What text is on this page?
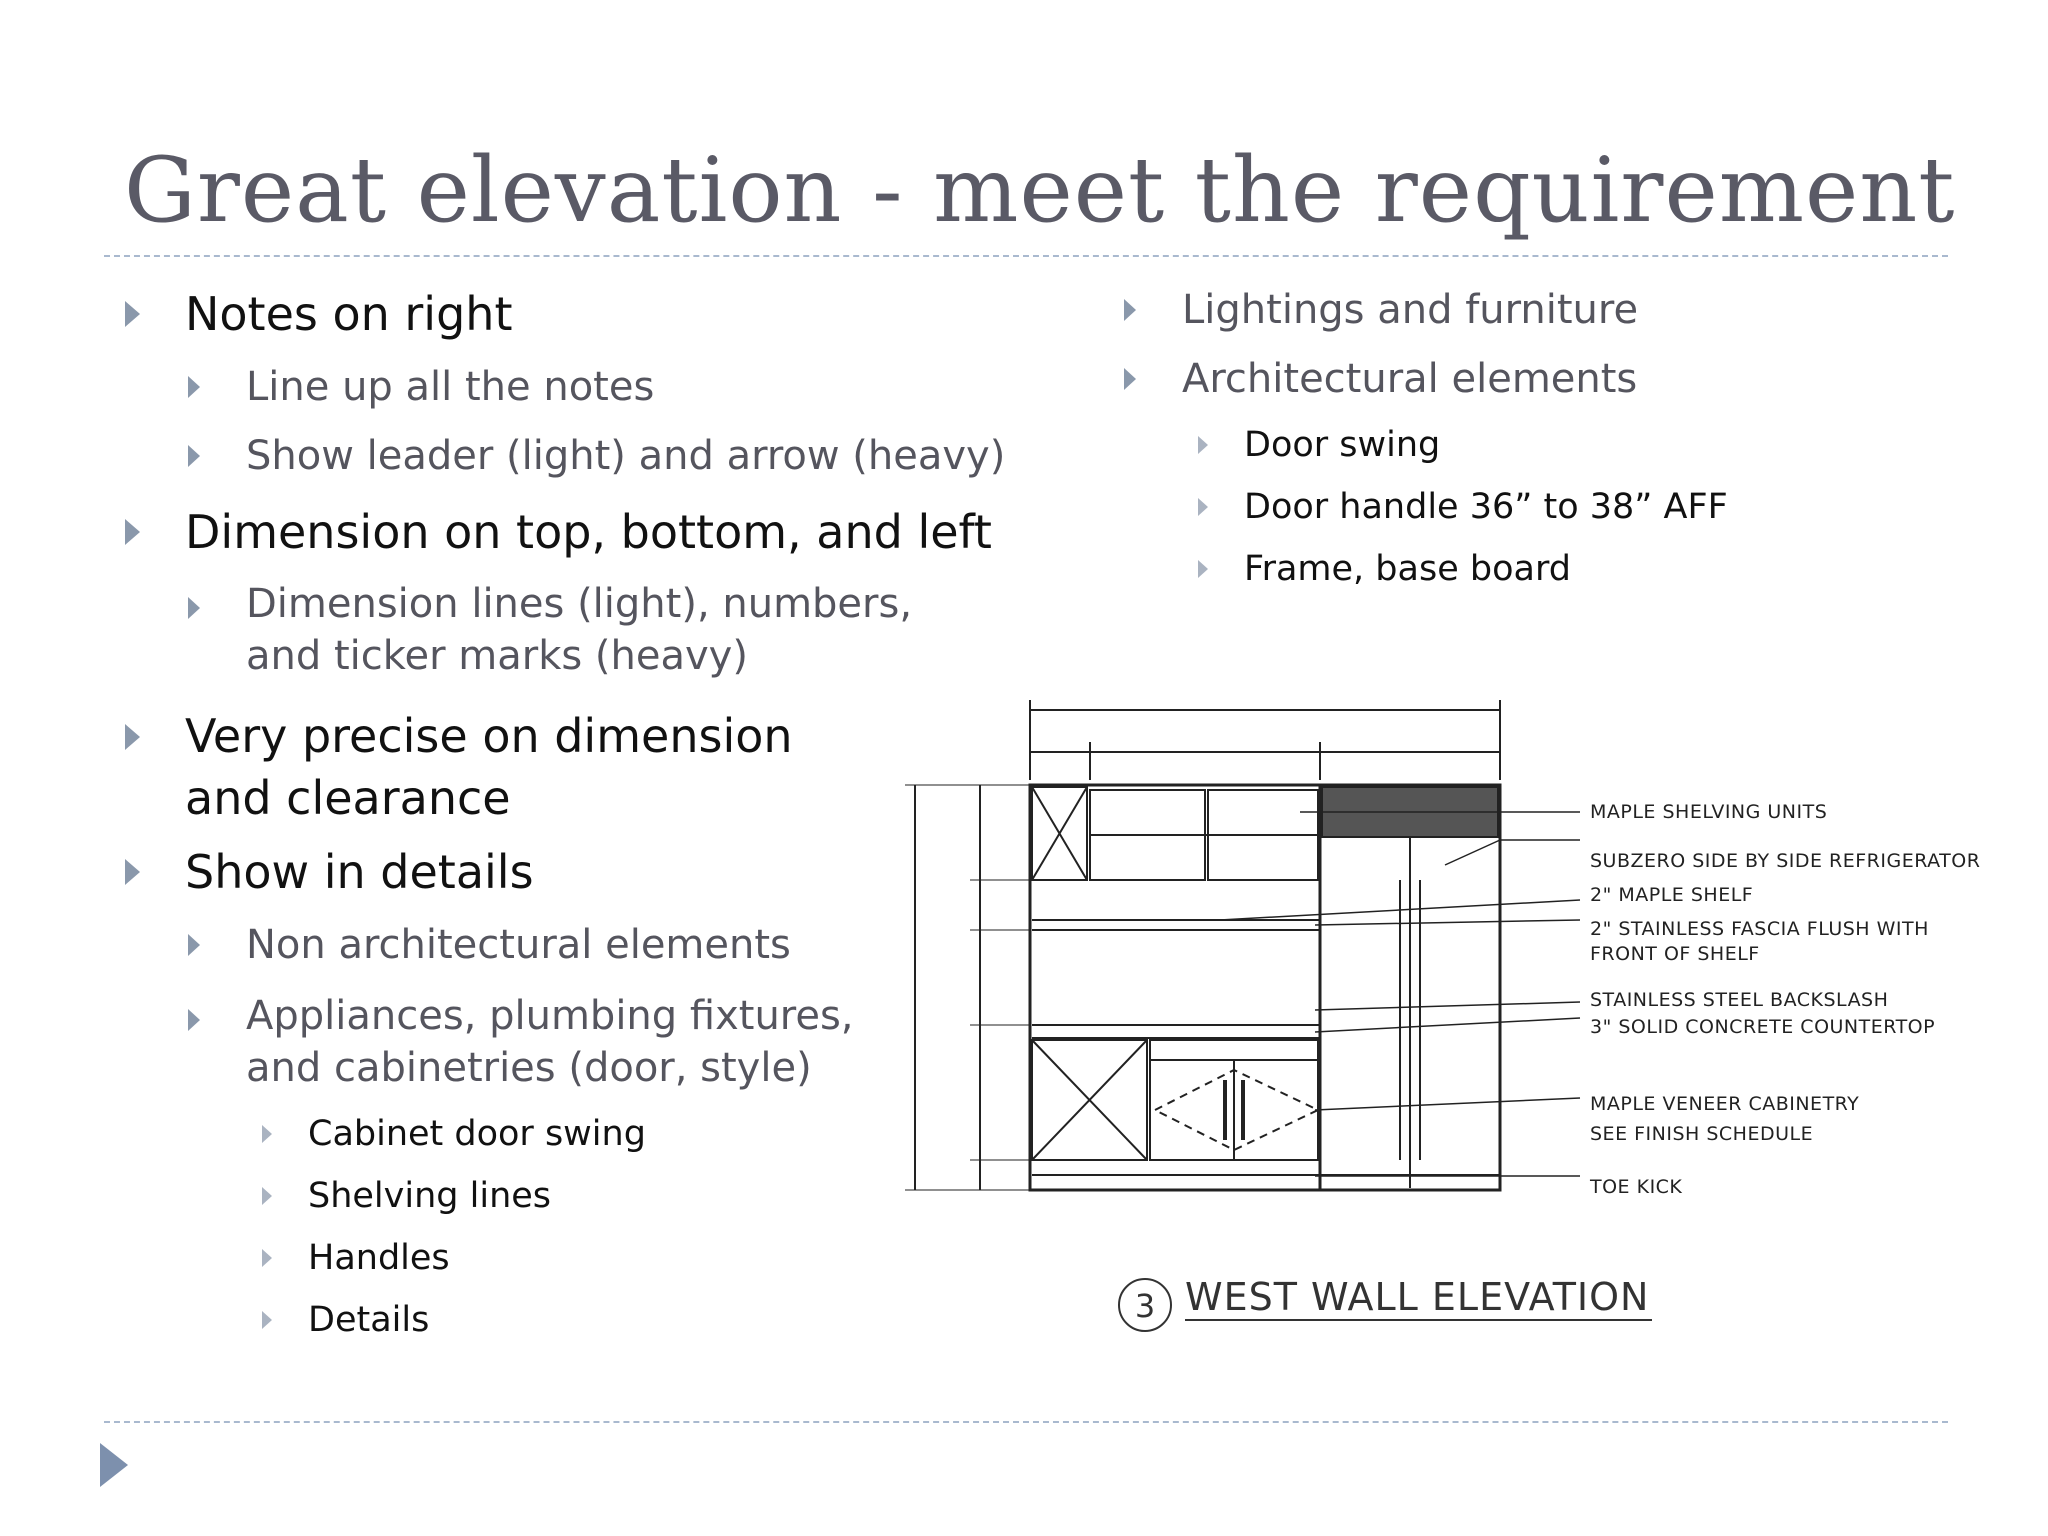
Great elevation - meet the requirement
Notes on right
Line up all the notes
Show leader (light) and arrow (heavy)
Dimension on top, bottom, and left
Dimension lines (light), numbers, and ticker marks (heavy)
Very precise on dimension and clearance
Show in details
Non architectural elements
Appliances, plumbing fixtures, and cabinetries (door, style)
Cabinet door swing
Shelving lines
Handles
Details
Lightings and furniture
Architectural elements
Door swing
Door handle 36” to 38” AFF
Frame, base board
MAPLE SHELVING UNITS
SUBZERO SIDE BY SIDE REFRIGERATOR
2" MAPLE SHELF
2" STAINLESS FASCIA FLUSH WITH
FRONT OF SHELF
STAINLESS STEEL BACKSLASH
3" SOLID CONCRETE COUNTERTOP
MAPLE VENEER CABINETRY
SEE FINISH SCHEDULE
TOE KICK
3 WEST WALL ELEVATION
